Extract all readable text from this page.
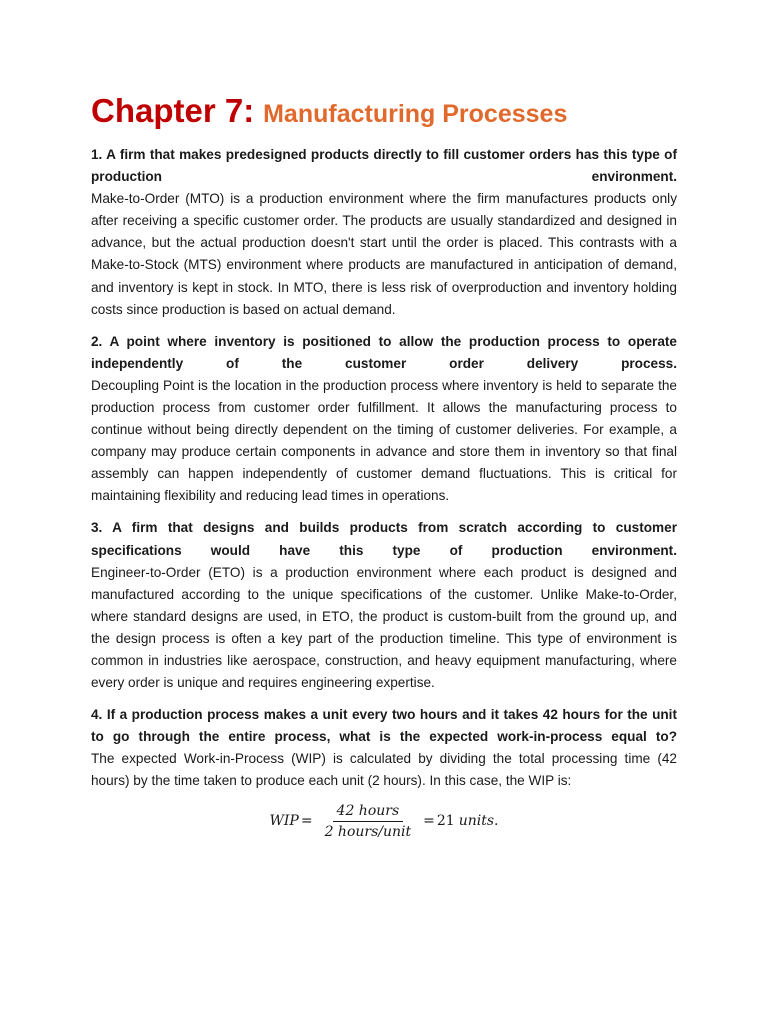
Chapter 7: Manufacturing Processes
1. A firm that makes predesigned products directly to fill customer orders has this type of production environment.
Make-to-Order (MTO) is a production environment where the firm manufactures products only after receiving a specific customer order. The products are usually standardized and designed in advance, but the actual production doesn't start until the order is placed. This contrasts with a Make-to-Stock (MTS) environment where products are manufactured in anticipation of demand, and inventory is kept in stock. In MTO, there is less risk of overproduction and inventory holding costs since production is based on actual demand.
2. A point where inventory is positioned to allow the production process to operate independently of the customer order delivery process.
Decoupling Point is the location in the production process where inventory is held to separate the production process from customer order fulfillment. It allows the manufacturing process to continue without being directly dependent on the timing of customer deliveries. For example, a company may produce certain components in advance and store them in inventory so that final assembly can happen independently of customer demand fluctuations. This is critical for maintaining flexibility and reducing lead times in operations.
3. A firm that designs and builds products from scratch according to customer specifications would have this type of production environment.
Engineer-to-Order (ETO) is a production environment where each product is designed and manufactured according to the unique specifications of the customer. Unlike Make-to-Order, where standard designs are used, in ETO, the product is custom-built from the ground up, and the design process is often a key part of the production timeline. This type of environment is common in industries like aerospace, construction, and heavy equipment manufacturing, where every order is unique and requires engineering expertise.
4. If a production process makes a unit every two hours and it takes 42 hours for the unit to go through the entire process, what is the expected work-in-process equal to?
The expected Work-in-Process (WIP) is calculated by dividing the total processing time (42 hours) by the time taken to produce each unit (2 hours). In this case, the WIP is:
WIP = $\frac{\text{42 hours}}{\text{2 hours/unit}} = 21$ units .
